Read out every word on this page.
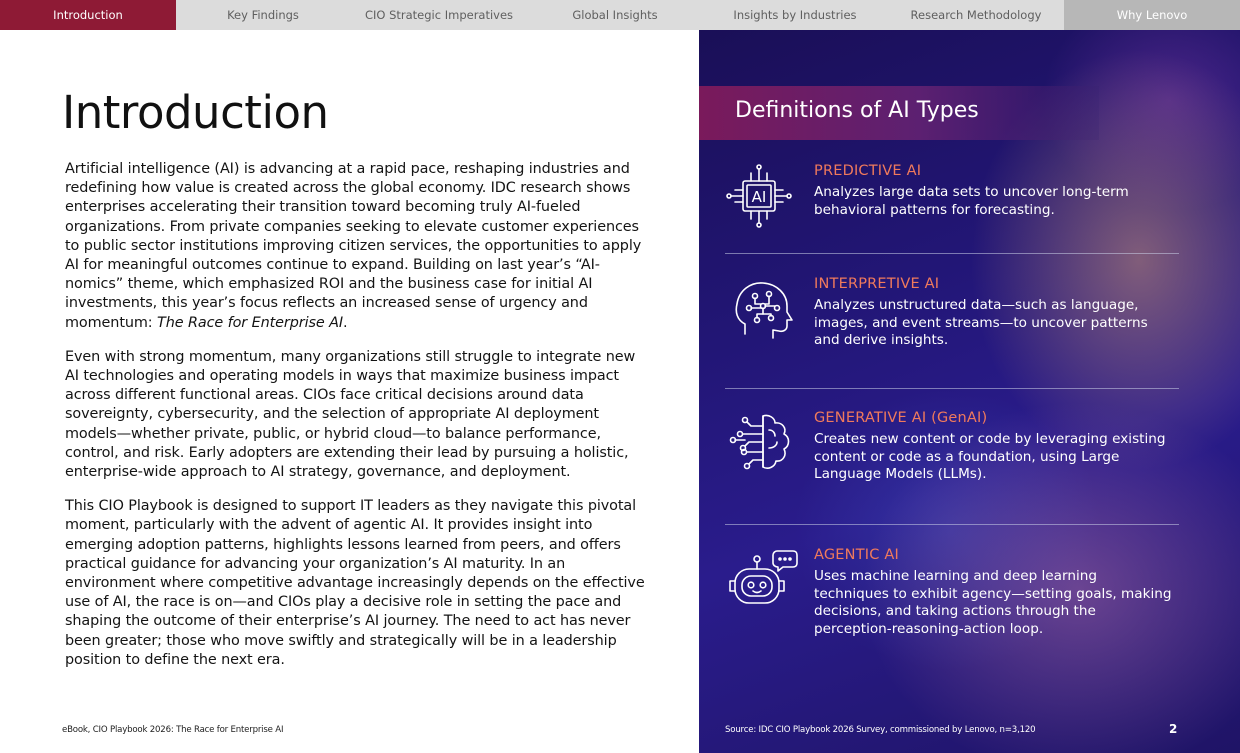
Introduction	Key Findings	CIO Strategic Imperatives	Global Insights	Insights by Industries	Research Methodology	Why Lenovo
Introduction

Artificial intelligence (AI) is advancing at a rapid pace, reshaping industries and redefining how value is created across the global economy. IDC research shows enterprises accelerating their transition toward becoming truly AI-fueled organizations. From private companies seeking to elevate customer experiences to public sector institutions improving citizen services, the opportunities to apply AI for meaningful outcomes continue to expand. Building on last year’s “AI-nomics” theme, which emphasized ROI and the business case for initial AI investments, this year’s focus reflects an increased sense of urgency and momentum: The Race for Enterprise AI.

Even with strong momentum, many organizations still struggle to integrate new AI technologies and operating models in ways that maximize business impact across different functional areas. CIOs face critical decisions around data sovereignty, cybersecurity, and the selection of appropriate AI deployment models—whether private, public, or hybrid cloud—to balance performance, control, and risk. Early adopters are extending their lead by pursuing a holistic, enterprise-wide approach to AI strategy, governance, and deployment.

This CIO Playbook is designed to support IT leaders as they navigate this pivotal moment, particularly with the advent of agentic AI. It provides insight into emerging adoption patterns, highlights lessons learned from peers, and offers practical guidance for advancing your organization’s AI maturity. In an environment where competitive advantage increasingly depends on the effective use of AI, the race is on—and CIOs play a decisive role in setting the pace and shaping the outcome of their enterprise’s AI journey. The need to act has never been greater; those who move swiftly and strategically will be in a leadership position to define the next era.

eBook, CIO Playbook 2026: The Race for Enterprise AI
Definitions of AI Types
AI
PREDICTIVE AI

Analyzes large data sets to uncover long-term behavioral patterns for forecasting.

INTERPRETIVE AI

Analyzes unstructured data—such as language, images, and event streams—to uncover patterns and derive insights.

GENERATIVE AI (GenAI)

Creates new content or code by leveraging existing content or code as a foundation, using Large Language Models (LLMs).

AGENTIC AI

Uses machine learning and deep learning techniques to exhibit agency—setting goals, making decisions, and taking actions through the perception-reasoning-action loop.

Source: IDC CIO Playbook 2026 Survey, commissioned by Lenovo, n=3,120	2
